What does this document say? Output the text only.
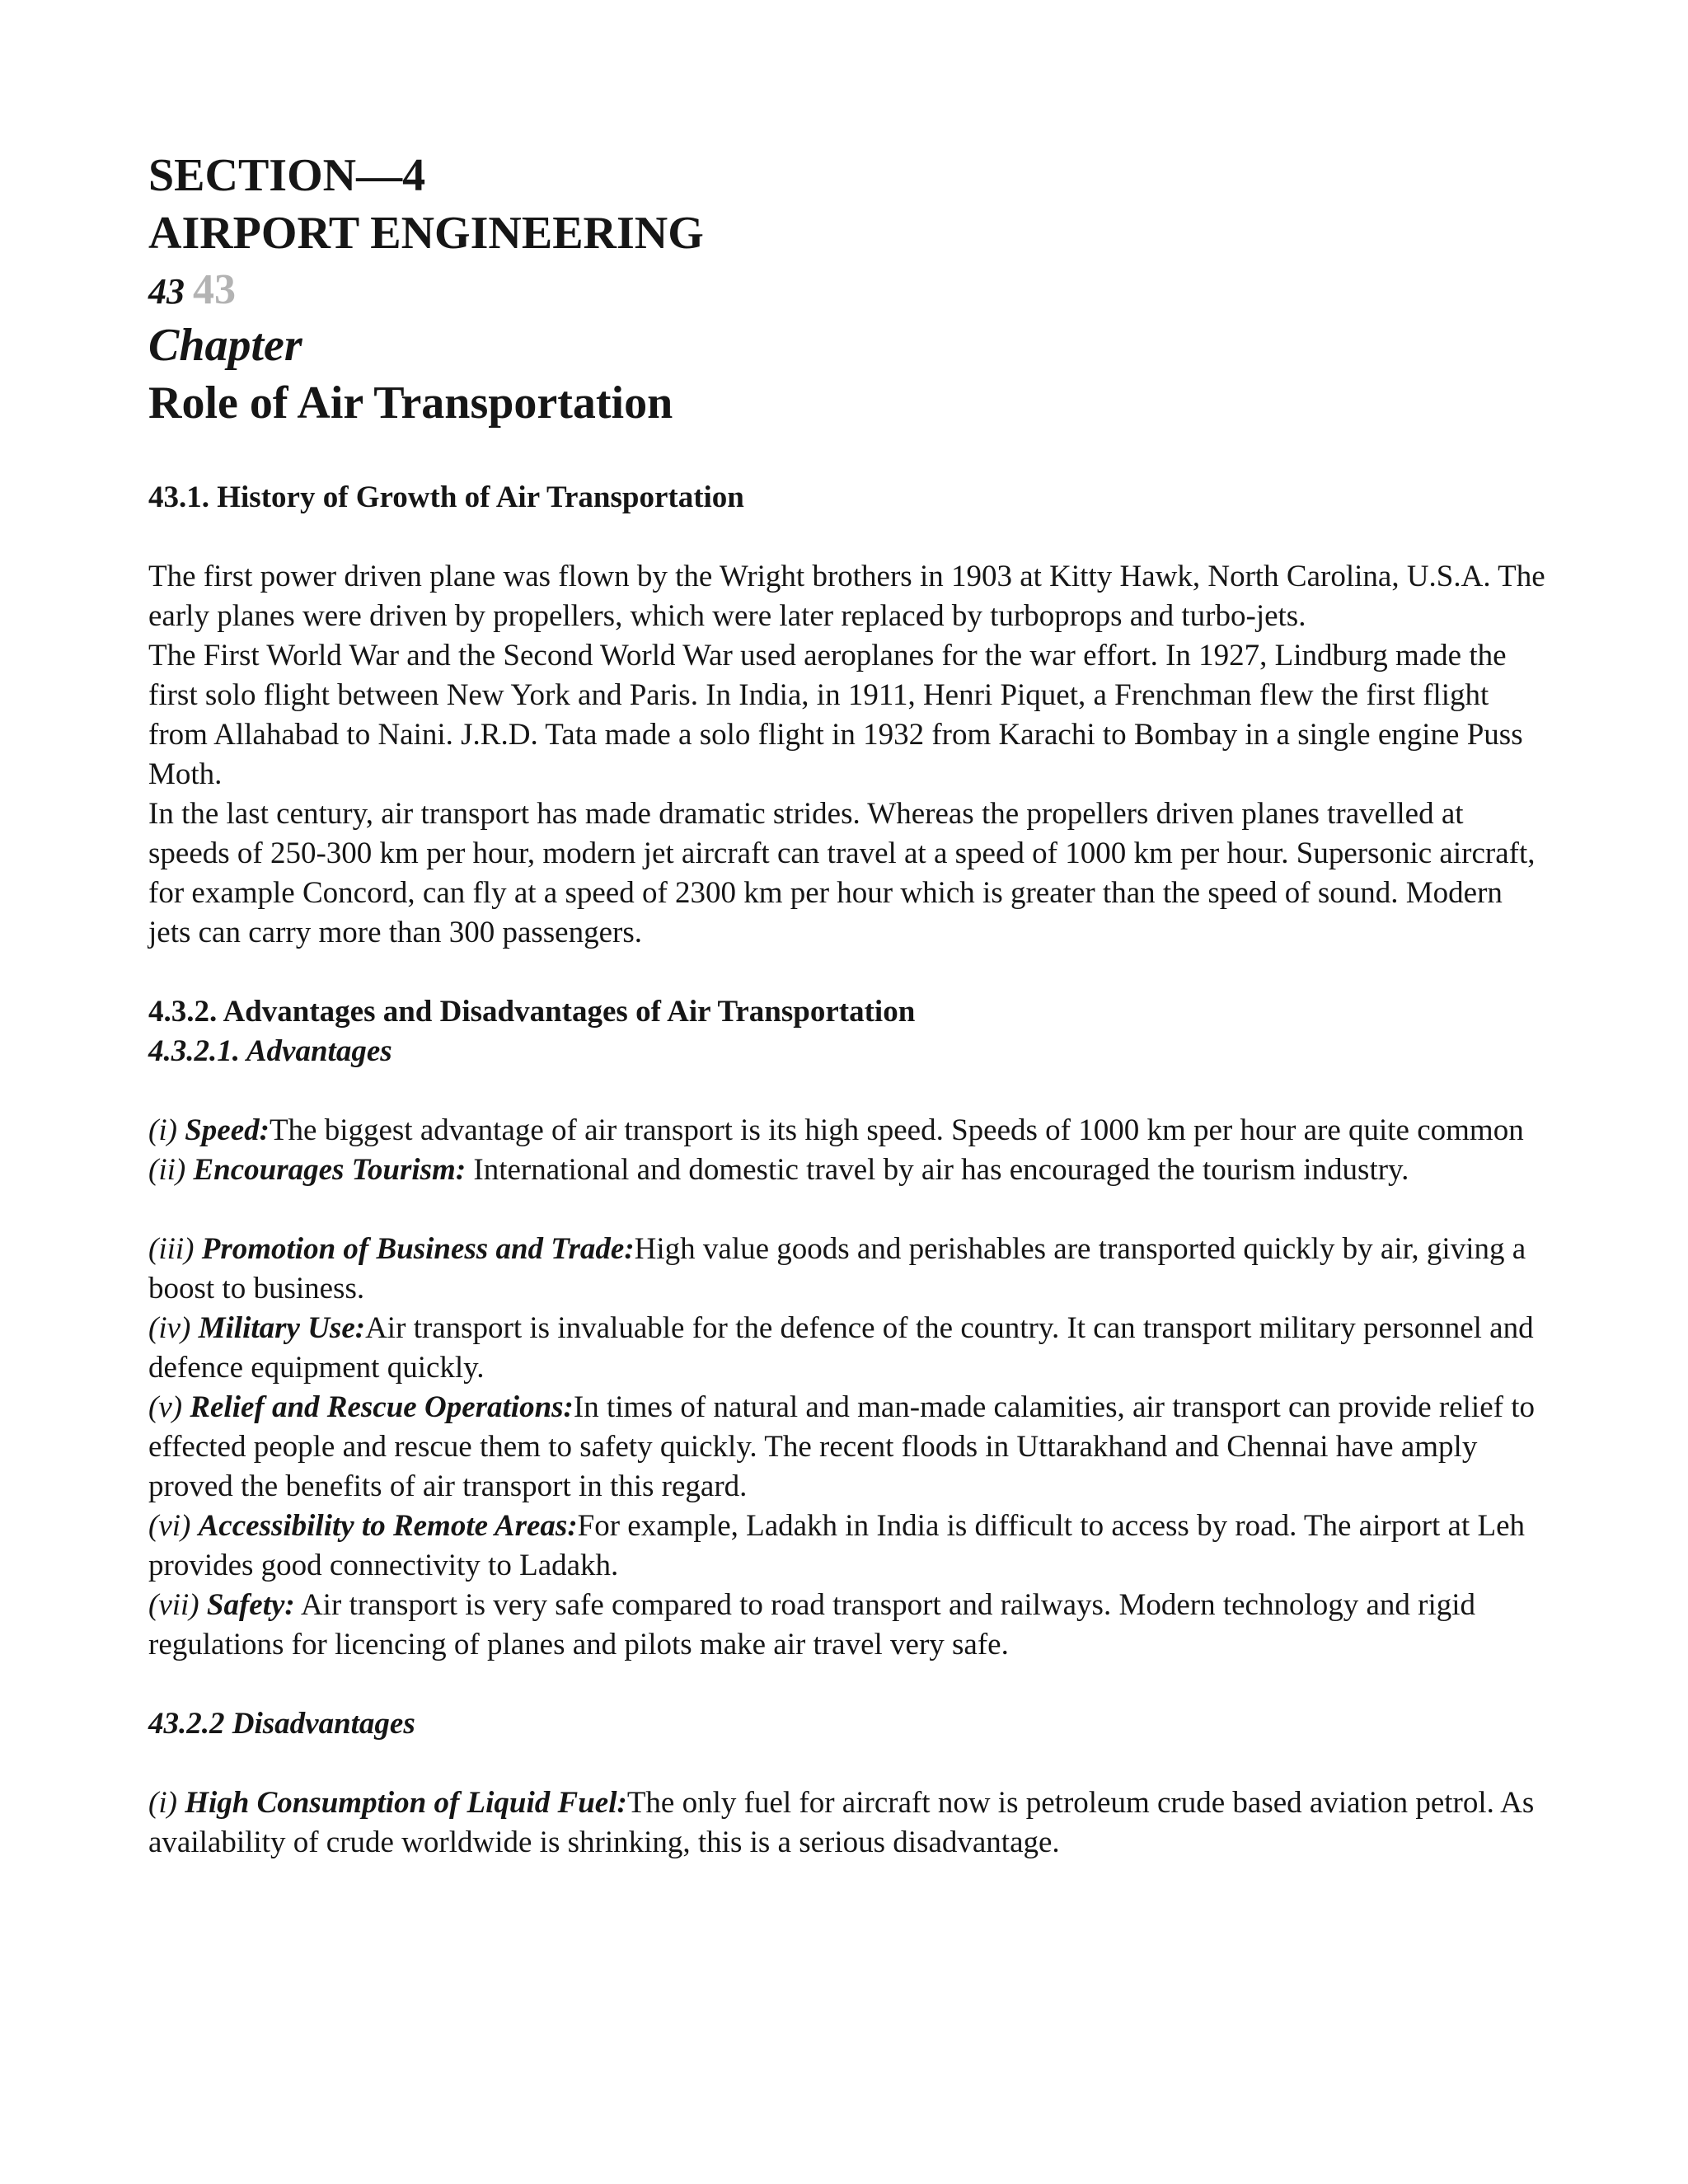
SECTION—4
AIRPORT ENGINEERING
43 43
Chapter
Role of Air Transportation
43.1. History of Growth of Air Transportation

The first power driven plane was flown by the Wright brothers in 1903 at Kitty Hawk, North Carolina, U.S.A. The early planes were driven by propellers, which were later replaced by turboprops and turbo-jets.

The First World War and the Second World War used aeroplanes for the war effort. In 1927, Lindburg made the first solo flight between New York and Paris. In India, in 1911, Henri Piquet, a Frenchman flew the first flight from Allahabad to Naini. J.R.D. Tata made a solo flight in 1932 from Karachi to Bombay in a single engine Puss Moth.

In the last century, air transport has made dramatic strides. Whereas the propellers driven planes travelled at speeds of 250-300 km per hour, modern jet aircraft can travel at a speed of 1000 km per hour. Supersonic aircraft, for example Concord, can fly at a speed of 2300 km per hour which is greater than the speed of sound. Modern jets can carry more than 300 passengers.

4.3.2. Advantages and Disadvantages of Air Transportation
4.3.2.1. Advantages

(i) Speed:The biggest advantage of air transport is its high speed. Speeds of 1000 km per hour are quite common

(ii) Encourages Tourism: International and domestic travel by air has encouraged the tourism industry.

(iii) Promotion of Business and Trade:High value goods and perishables are transported quickly by air, giving a boost to business.

(iv) Military Use:Air transport is invaluable for the defence of the country. It can transport military personnel and defence equipment quickly.

(v) Relief and Rescue Operations:In times of natural and man-made calamities, air transport can provide relief to effected people and rescue them to safety quickly. The recent floods in Uttarakhand and Chennai have amply proved the benefits of air transport in this regard.

(vi) Accessibility to Remote Areas:For example, Ladakh in India is difficult to access by road. The airport at Leh provides good connectivity to Ladakh.

(vii) Safety: Air transport is very safe compared to road transport and railways. Modern technology and rigid regulations for licencing of planes and pilots make air travel very safe.

43.2.2 Disadvantages

(i) High Consumption of Liquid Fuel:The only fuel for aircraft now is petroleum crude based aviation petrol. As availability of crude worldwide is shrinking, this is a serious disadvantage.
